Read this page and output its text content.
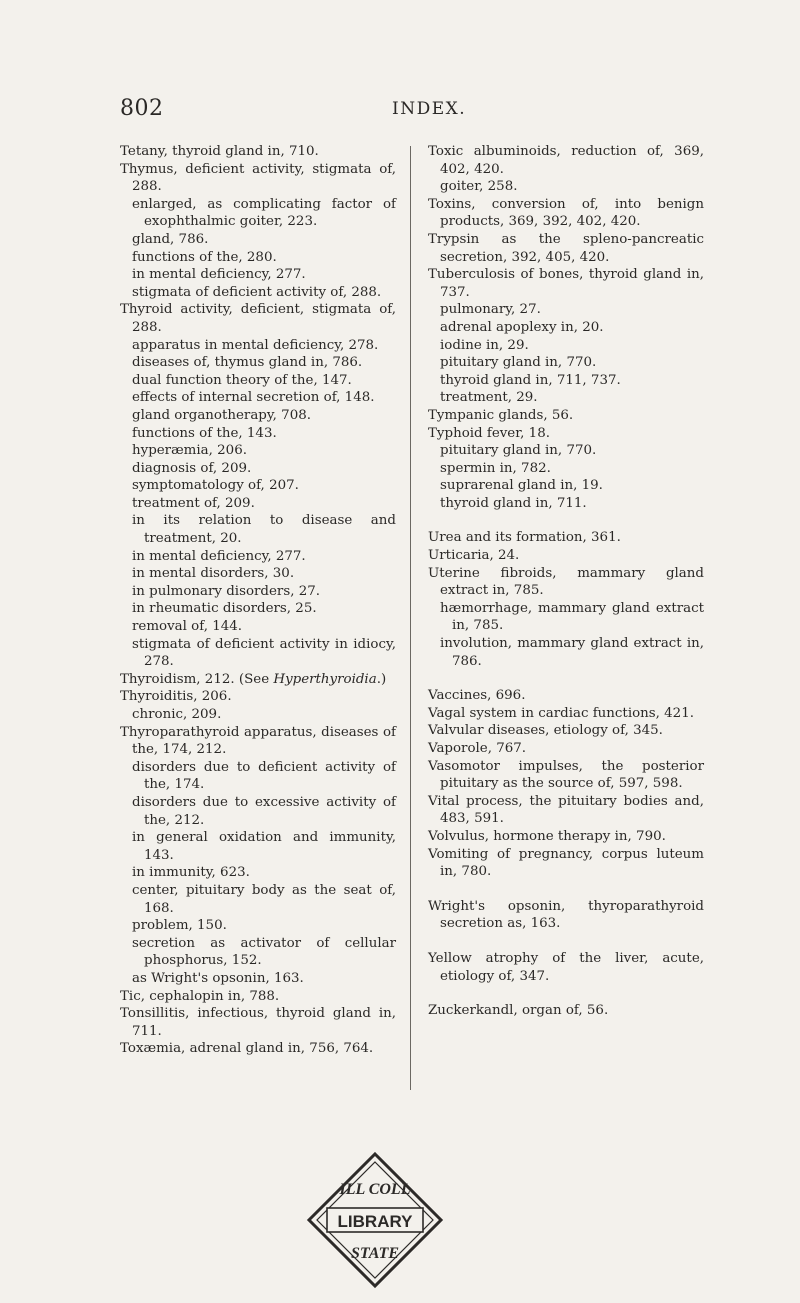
802	INDEX.

Tetany, thyroid gland in, 710.

Thymus, deficient activity, stigmata of, 288.

enlarged, as complicating factor of exophthalmic goiter, 223.

gland, 786.

functions of the, 280.

in mental deficiency, 277.

stigmata of deficient activity of, 288.

Thyroid activity, deficient, stigmata of, 288.

apparatus in mental deficiency, 278.

diseases of, thymus gland in, 786.

dual function theory of the, 147.

effects of internal secretion of, 148.

gland organotherapy, 708.

functions of the, 143.

hyperæmia, 206.

diagnosis of, 209.

symptomatology of, 207.

treatment of, 209.

in its relation to disease and treatment, 20.

in mental deficiency, 277.

in mental disorders, 30.

in pulmonary disorders, 27.

in rheumatic disorders, 25.

removal of, 144.

stigmata of deficient activity in idiocy, 278.

Thyroidism, 212. (See Hyperthyroidia.)

Thyroiditis, 206.

chronic, 209.

Thyroparathyroid apparatus, diseases of the, 174, 212.

disorders due to deficient activity of the, 174.

disorders due to excessive activity of the, 212.

in general oxidation and immunity, 143.

in immunity, 623.

center, pituitary body as the seat of, 168.

problem, 150.

secretion as activator of cellular phosphorus, 152.

as Wright's opsonin, 163.

Tic, cephalopin in, 788.

Tonsillitis, infectious, thyroid gland in, 711.

Toxæmia, adrenal gland in, 756, 764.

Toxic albuminoids, reduction of, 369, 402, 420.

goiter, 258.

Toxins, conversion of, into benign products, 369, 392, 402, 420.

Trypsin as the spleno-pancreatic secretion, 392, 405, 420.

Tuberculosis of bones, thyroid gland in, 737.

pulmonary, 27.

adrenal apoplexy in, 20.

iodine in, 29.

pituitary gland in, 770.

thyroid gland in, 711, 737.

treatment, 29.

Tympanic glands, 56.

Typhoid fever, 18.

pituitary gland in, 770.

spermin in, 782.

suprarenal gland in, 19.

thyroid gland in, 711.

Urea and its formation, 361.

Urticaria, 24.

Uterine fibroids, mammary gland extract in, 785.

hæmorrhage, mammary gland extract in, 785.

involution, mammary gland extract in, 786.

Vaccines, 696.

Vagal system in cardiac functions, 421.

Valvular diseases, etiology of, 345.

Vaporole, 767.

Vasomotor impulses, the posterior pituitary as the source of, 597, 598.

Vital process, the pituitary bodies and, 483, 591.

Volvulus, hormone therapy in, 790.

Vomiting of pregnancy, corpus luteum in, 780.

Wright's opsonin, thyroparathyroid secretion as, 163.

Yellow atrophy of the liver, acute, etiology of, 347.

Zuckerkandl, organ of, 56.

LIBRARY
ILL COLL
STATE
